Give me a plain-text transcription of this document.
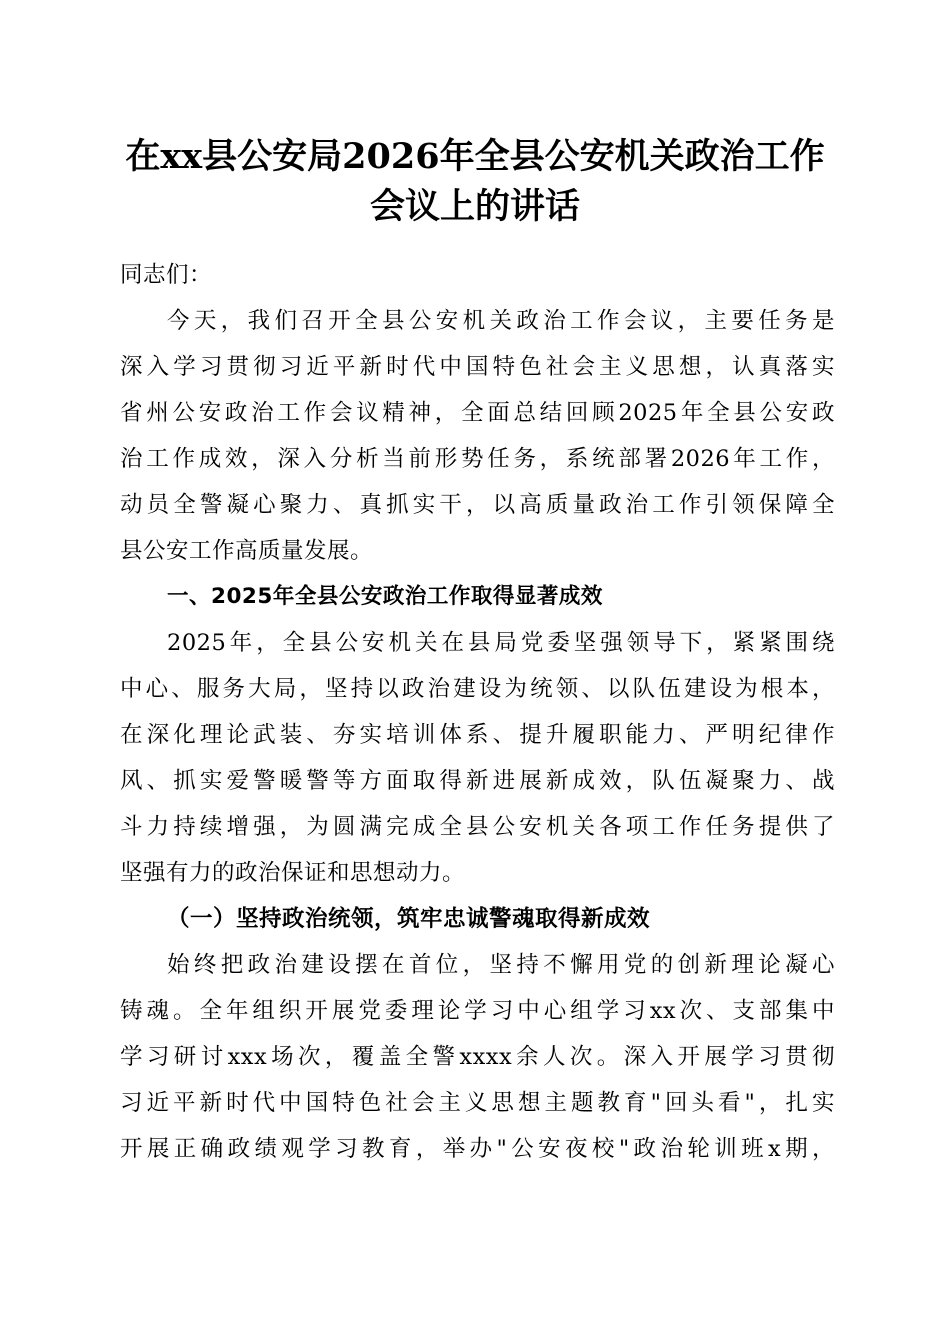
在xx县公安局2026年全县公安机关政治工作
会议上的讲话
同志们：
今天，我们召开全县公安机关政治工作会议，主要任务是
深入学习贯彻习近平新时代中国特色社会主义思想，认真落实
省州公安政治工作会议精神，全面总结回顾2025年全县公安政
治工作成效，深入分析当前形势任务，系统部署2026年工作，
动员全警凝心聚力、真抓实干，以高质量政治工作引领保障全
县公安工作高质量发展。
一、2025年全县公安政治工作取得显著成效
2025年，全县公安机关在县局党委坚强领导下，紧紧围绕
中心、服务大局，坚持以政治建设为统领、以队伍建设为根本，
在深化理论武装、夯实培训体系、提升履职能力、严明纪律作
风、抓实爱警暖警等方面取得新进展新成效，队伍凝聚力、战
斗力持续增强，为圆满完成全县公安机关各项工作任务提供了
坚强有力的政治保证和思想动力。
（一）坚持政治统领，筑牢忠诚警魂取得新成效
始终把政治建设摆在首位，坚持不懈用党的创新理论凝心
铸魂。全年组织开展党委理论学习中心组学习xx次、支部集中
学习研讨xxx场次，覆盖全警xxxx余人次。深入开展学习贯彻
习近平新时代中国特色社会主义思想主题教育"回头看"，扎实
开展正确政绩观学习教育，举办"公安夜校"政治轮训班x期，
